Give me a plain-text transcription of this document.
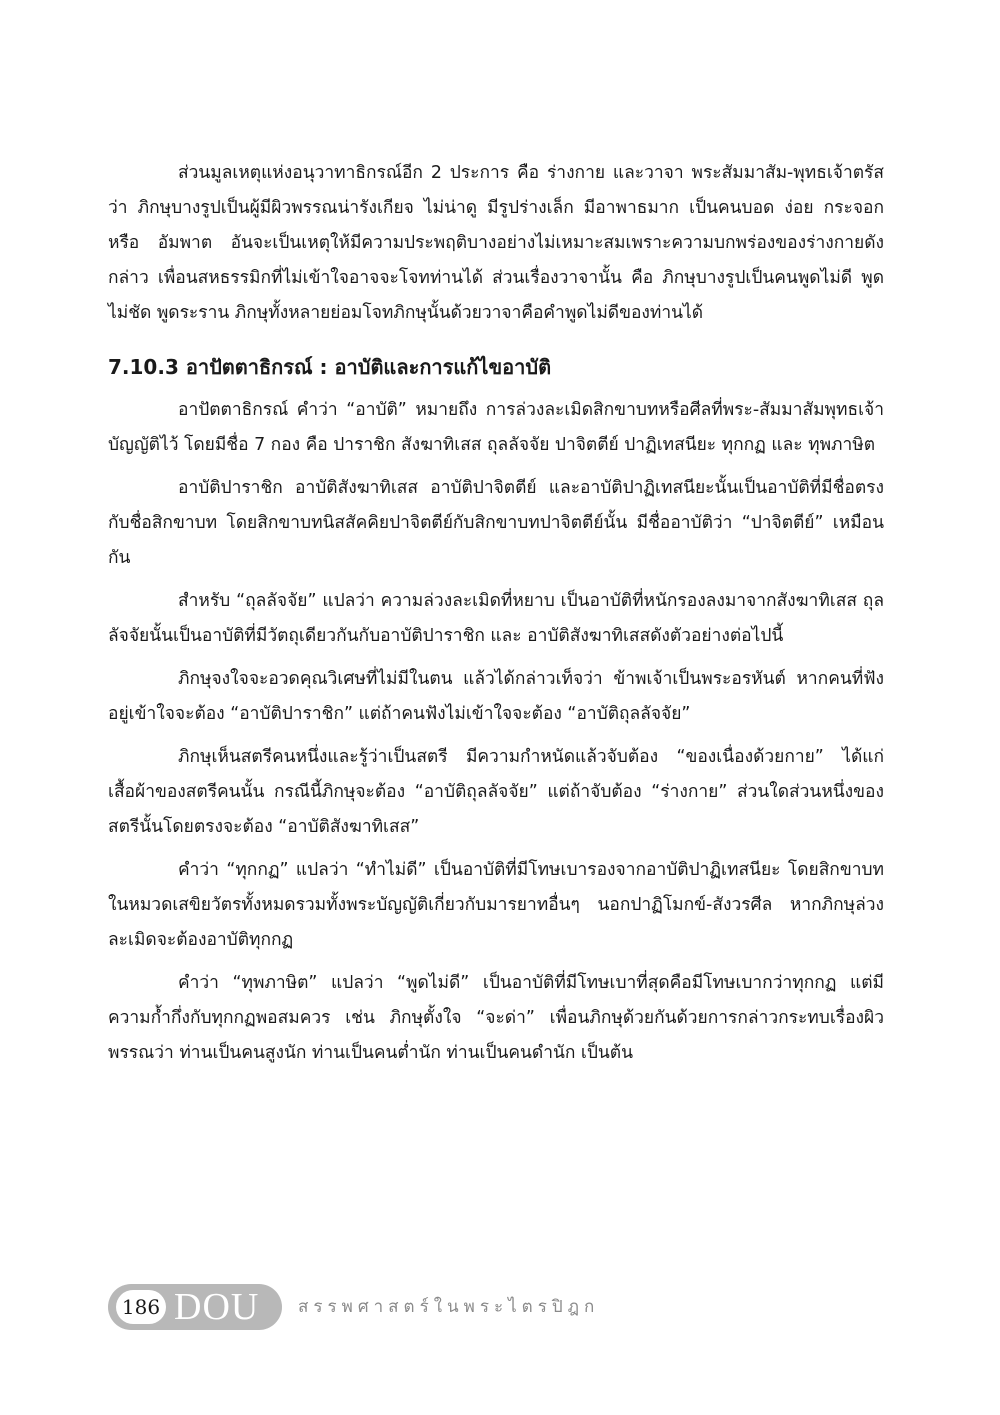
ส่วนมูลเหตุแห่งอนุวาทาธิกรณ์อีก 2 ประการ คือ ร่างกาย และวาจา พระสัมมาสัม-พุทธเจ้าตรัสว่า ภิกษุบางรูปเป็นผู้มีผิวพรรณน่ารังเกียจ ไม่น่าดู มีรูปร่างเล็ก มีอาพาธมาก เป็นคนบอด ง่อย กระจอก หรือ อัมพาต อันจะเป็นเหตุให้มีความประพฤติบางอย่างไม่เหมาะสมเพราะความบกพร่องของร่างกายดังกล่าว เพื่อนสหธรรมิกที่ไม่เข้าใจอาจจะโจทท่านได้ ส่วนเรื่องวาจานั้น คือ ภิกษุบางรูปเป็นคนพูดไม่ดี พูดไม่ชัด พูดระราน ภิกษุทั้งหลายย่อมโจทภิกษุนั้นด้วยวาจาคือคำพูดไม่ดีของท่านได้

7.10.3 อาปัตตาธิกรณ์ : อาบัติและการแก้ไขอาบัติ

อาปัตตาธิกรณ์ คำว่า “อาบัติ” หมายถึง การล่วงละเมิดสิกขาบทหรือศีลที่พระ-สัมมาสัมพุทธเจ้าบัญญัติไว้ โดยมีชื่อ 7 กอง คือ ปาราชิก สังฆาทิเสส ถุลลัจจัย ปาจิตตีย์ ปาฏิเทสนียะ ทุกกฏ และ ทุพภาษิต

อาบัติปาราชิก อาบัติสังฆาทิเสส อาบัติปาจิตตีย์ และอาบัติปาฏิเทสนียะนั้นเป็นอาบัติที่มีชื่อตรงกับชื่อสิกขาบท โดยสิกขาบทนิสสัคคิยปาจิตตีย์กับสิกขาบทปาจิตตีย์นั้น มีชื่ออาบัติว่า “ปาจิตตีย์” เหมือนกัน

สำหรับ “ถุลลัจจัย” แปลว่า ความล่วงละเมิดที่หยาบ เป็นอาบัติที่หนักรองลงมาจากสังฆาทิเสส ถุลลัจจัยนั้นเป็นอาบัติที่มีวัตถุเดียวกันกับอาบัติปาราชิก และ อาบัติสังฆาทิเสสดังตัวอย่างต่อไปนี้

ภิกษุจงใจจะอวดคุณวิเศษที่ไม่มีในตน แล้วได้กล่าวเท็จว่า ข้าพเจ้าเป็นพระอรหันต์ หากคนที่ฟังอยู่เข้าใจจะต้อง “อาบัติปาราชิก” แต่ถ้าคนฟังไม่เข้าใจจะต้อง “อาบัติถุลลัจจัย”

ภิกษุเห็นสตรีคนหนึ่งและรู้ว่าเป็นสตรี มีความกำหนัดแล้วจับต้อง “ของเนื่องด้วยกาย” ได้แก่ เสื้อผ้าของสตรีคนนั้น กรณีนี้ภิกษุจะต้อง “อาบัติถุลลัจจัย” แต่ถ้าจับต้อง “ร่างกาย” ส่วนใดส่วนหนึ่งของสตรีนั้นโดยตรงจะต้อง “อาบัติสังฆาทิเสส”

คำว่า “ทุกกฏ” แปลว่า “ทำไม่ดี” เป็นอาบัติที่มีโทษเบารองจากอาบัติปาฏิเทสนียะ โดยสิกขาบทในหมวดเสขิยวัตรทั้งหมดรวมทั้งพระบัญญัติเกี่ยวกับมารยาทอื่นๆ นอกปาฏิโมกข์-สังวรศีล หากภิกษุล่วงละเมิดจะต้องอาบัติทุกกฏ

คำว่า “ทุพภาษิต” แปลว่า “พูดไม่ดี” เป็นอาบัติที่มีโทษเบาที่สุดคือมีโทษเบากว่าทุกกฏ แต่มีความก้ำกึ่งกับทุกกฏพอสมควร เช่น ภิกษุตั้งใจ “จะด่า” เพื่อนภิกษุด้วยกันด้วยการกล่าวกระทบเรื่องผิวพรรณว่า ท่านเป็นคนสูงนัก ท่านเป็นคนต่ำนัก ท่านเป็นคนดำนัก เป็นต้น

186 DOU สรรพศาสตร์ในพระไตรปิฎก
